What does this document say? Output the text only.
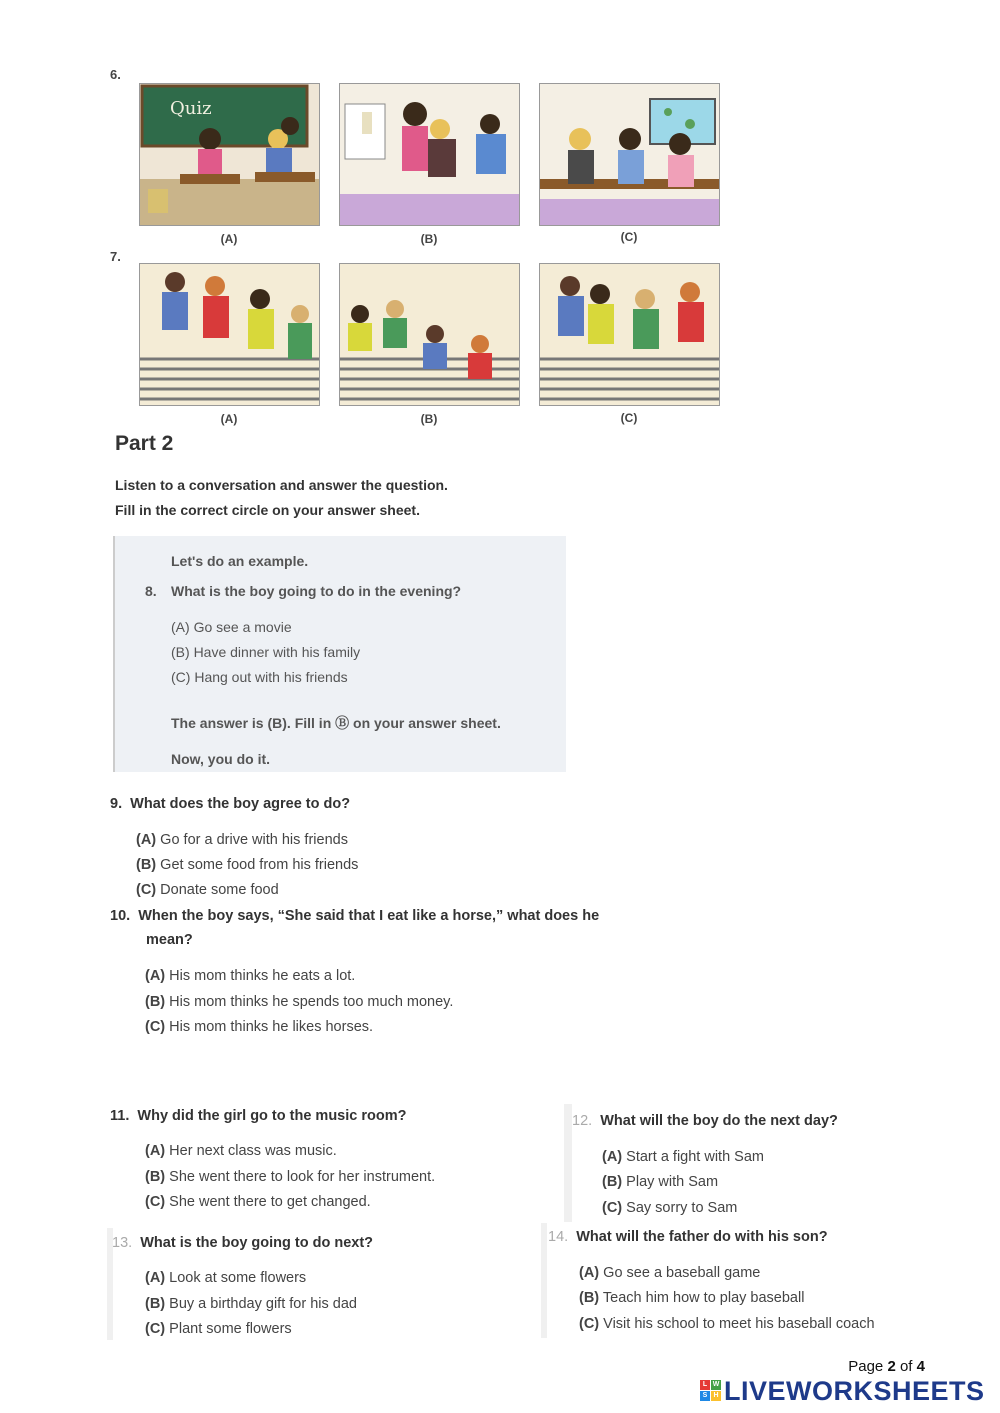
6.
Quiz
(A)	(B)	(C)
7.
(A)	(B)	(C)
Part 2
Listen to a conversation and answer the question.
Fill in the correct circle on your answer sheet.
Let's do an example.
8. What is the boy going to do in the evening?
(A) Go see a movie
(B) Have dinner with his family
(C) Hang out with his friends
The answer is (B). Fill in Ⓑ on your answer sheet.
Now, you do it.
9. What does the boy agree to do?
(A) Go for a drive with his friends
(B) Get some food from his friends
(C) Donate some food
10. When the boy says, “She said that I eat like a horse,” what does he
mean?
(A) His mom thinks he eats a lot.
(B) His mom thinks he spends too much money.
(C) His mom thinks he likes horses.
11. Why did the girl go to the music room?
(A) Her next class was music.
(B) She went there to look for her instrument.
(C) She went there to get changed.
12. What will the boy do the next day?
(A) Start a fight with Sam
(B) Play with Sam
(C) Say sorry to Sam
13. What is the boy going to do next?
(A) Look at some flowers
(B) Buy a birthday gift for his dad
(C) Plant some flowers
14. What will the father do with his son?
(A) Go see a baseball game
(B) Teach him how to play baseball
(C) Visit his school to meet his baseball coach
Page 2 of 4
L W
S H LIVEWORKSHEETS
